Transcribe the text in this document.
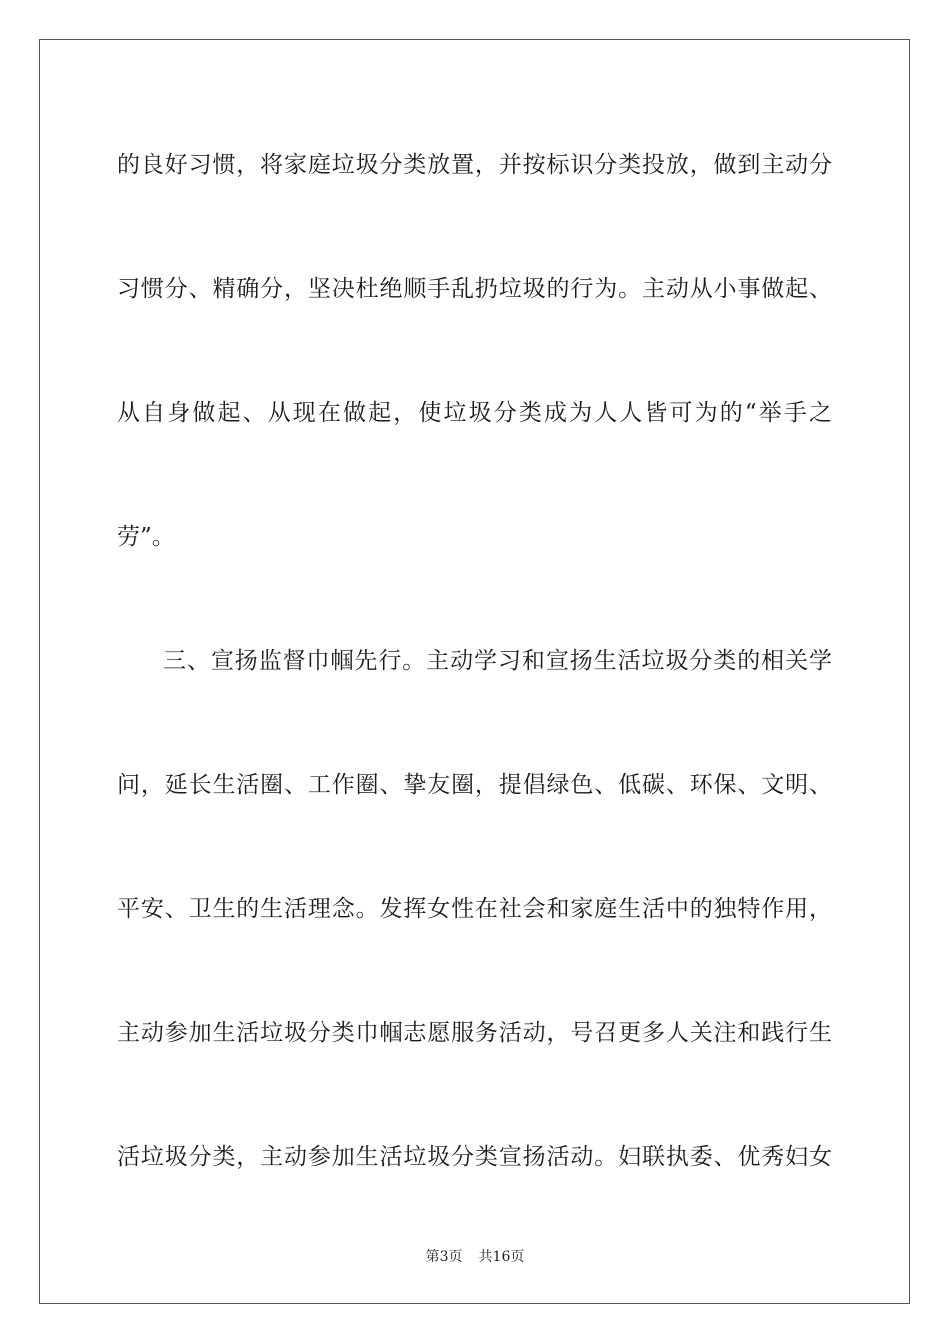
的良好习惯，将家庭垃圾分类放置，并按标识分类投放，做到主动分
习惯分、精确分，坚决杜绝顺手乱扔垃圾的行为。主动从小事做起、
从自身做起、从现在做起，使垃圾分类成为人人皆可为的“举手之
劳”。
三、宣扬监督巾帼先行。主动学习和宣扬生活垃圾分类的相关学
问，延长生活圈、工作圈、挚友圈，提倡绿色、低碳、环保、文明、
平安、卫生的生活理念。发挥女性在社会和家庭生活中的独特作用，
主动参加生活垃圾分类巾帼志愿服务活动，号召更多人关注和践行生
活垃圾分类，主动参加生活垃圾分类宣扬活动。妇联执委、优秀妇女
第3页 共16页
